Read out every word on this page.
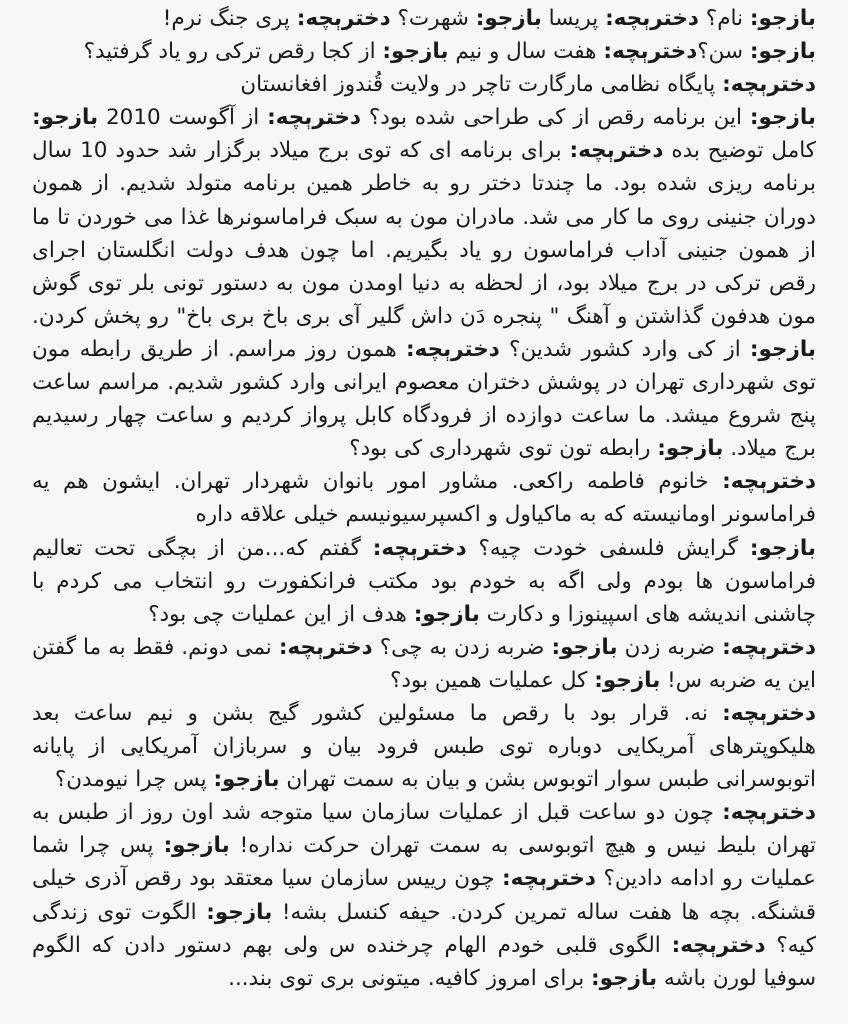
بازجو: نام؟ دخترېچه: پریسا بازجو: شهرت؟ دخترېچه: پری جنگ نرم!
بازجو: سن؟دخترېچه: هفت سال و نیم بازجو: از کجا رقص ترکی رو یاد گرفتید؟
دخترېچه: پایگاه نظامی مارگارت تاچر در ولایت قُندوز افغانستان
بازجو: این برنامه رقص از کی طراحی شده بود؟ دخترېچه: از آگوست 2010 بازجو: کامل توضیح بده دخترېچه: برای برنامه ای که توی برج میلاد برگزار شد حدود 10 سال برنامه ریزی شده بود. ما چندتا دختر رو به خاطر همین برنامه متولد شدیم. از همون دوران جنینی روی ما کار می شد. مادران مون به سبک فراماسونرها غذا می خوردن تا ما از همون جنینی آداب فراماسون رو یاد بگیریم. اما چون هدف دولت انگلستان اجرای رقص ترکی در برج میلاد بود، از لحظه به دنیا اومدن مون به دستور تونی بلر توی گوش مون هدفون گذاشتن و آهنگ " پنجره دَن داش گلیر آی بری باخ بری باخ" رو پخش کردن. بازجو: از کی وارد کشور شدین؟ دخترېچه: همون روز مراسم. از طریق رابطه مون توی شهرداری تهران در پوشش دختران معصوم ایرانی وارد کشور شدیم. مراسم ساعت پنج شروع میشد. ما ساعت دوازده از فرودگاه کابل پرواز کردیم و ساعت چهار رسیدیم برج میلاد. بازجو: رابطه تون توی شهرداری کی بود؟
دخترېچه: خانوم فاطمه راکعی. مشاور امور بانوان شهردار تهران. ایشون هم یه فراماسونر اومانیسته که به ماکیاول و اکسپرسیونیسم خیلی علاقه داره
بازجو: گرایش فلسفی خودت چیه؟ دخترېچه: گفتم که...من از بچگی تحت تعالیم فراماسون ها بودم ولی اگه به خودم بود مکتب فرانکفورت رو انتخاب می کردم با چاشنی اندیشه های اسپینوزا و دکارت بازجو: هدف از این عملیات چی بود؟
دخترېچه: ضربه زدن بازجو: ضربه زدن به چی؟ دخترېچه: نمی دونم. فقط به ما گفتن این یه ضربه س! بازجو: کل عملیات همین بود؟
دخترېچه: نه. قرار بود با رقص ما مسئولین کشور گیج بشن و نیم ساعت بعد هلیکوپترهای آمریکایی دوباره توی طبس فرود بیان و سربازان آمریکایی از پایانه اتوبوسرانی طبس سوار اتوبوس بشن و بیان به سمت تهران بازجو: پس چرا نیومدن؟
دخترېچه: چون دو ساعت قبل از عملیات سازمان سیا متوجه شد اون روز از طبس به تهران بلیط نیس و هیچ اتوبوسی به سمت تهران حرکت نداره! بازجو: پس چرا شما عملیات رو ادامه دادین؟ دخترېچه: چون رییس سازمان سیا معتقد بود رقص آذری خیلی قشنگه. بچه ها هفت ساله تمرین کردن. حیفه کنسل بشه! بازجو: الگوت توی زندگی کیه؟ دخترېچه: الگوی قلبی خودم الهام چرخنده س ولی بهم دستور دادن که الگوم سوفیا لورن باشه بازجو: برای امروز کافیه. میتونی بری توی بند...
